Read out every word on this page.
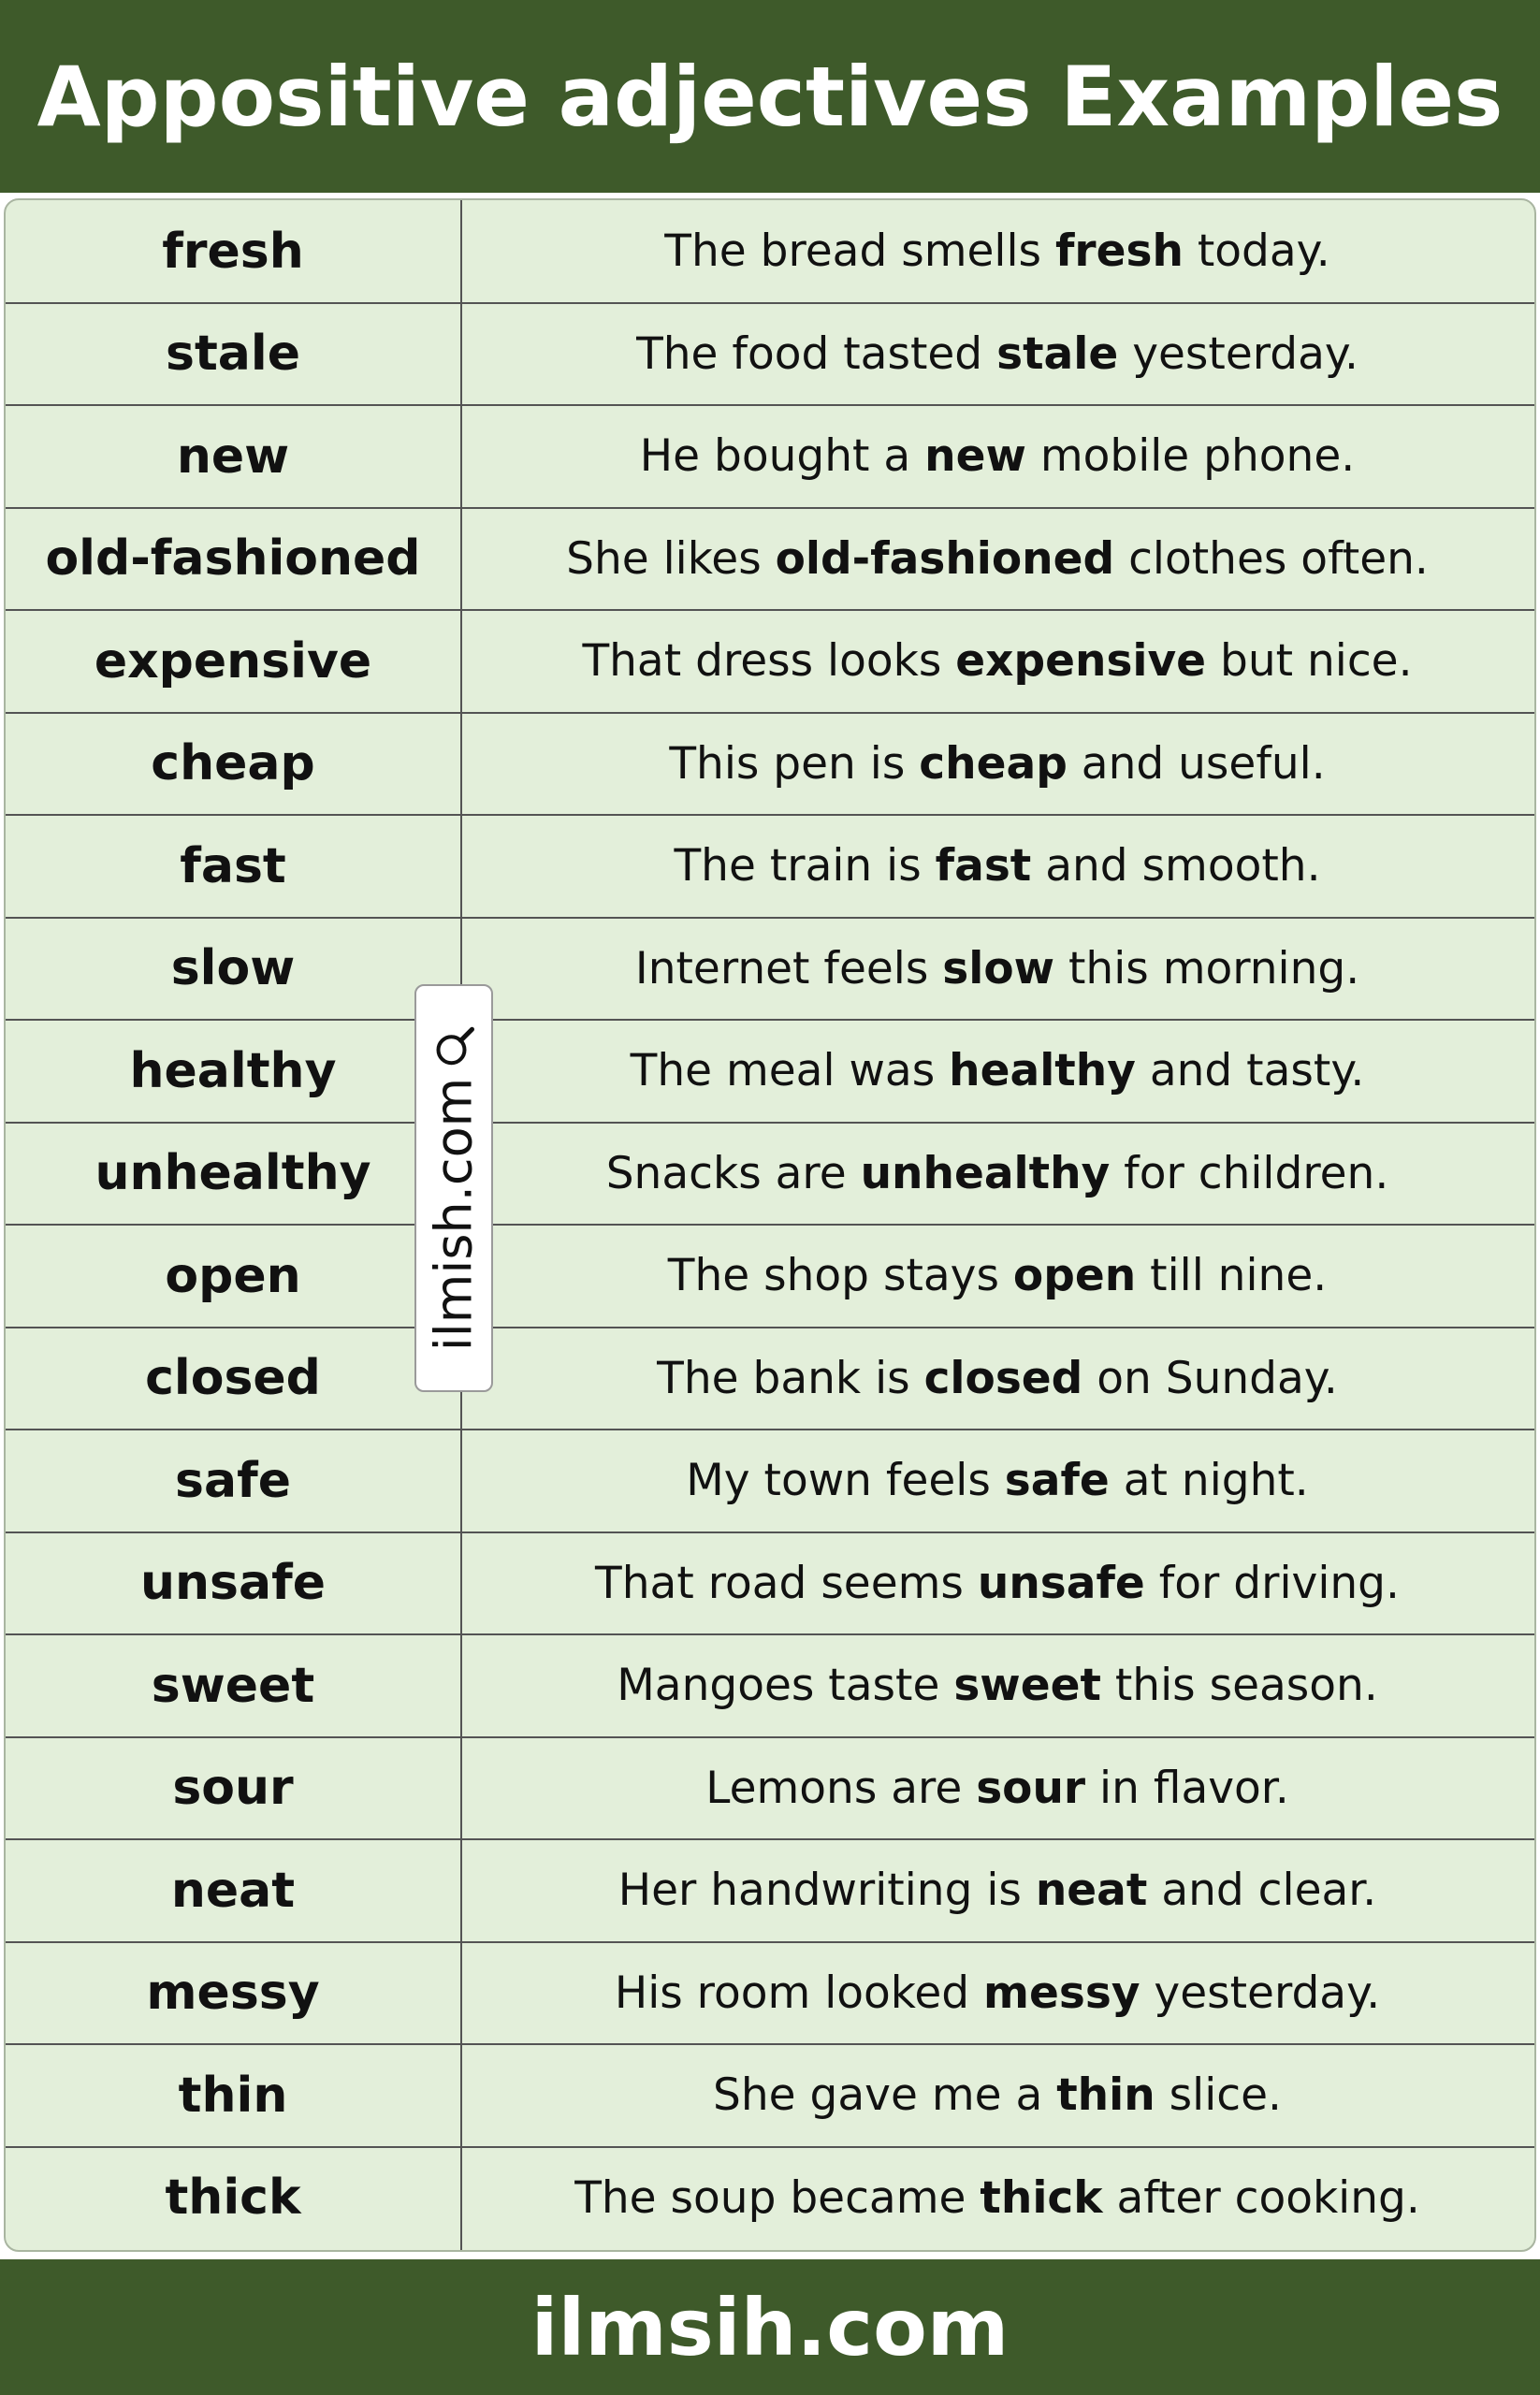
Appositive adjectives Examples
fresh	The bread smells fresh today.
stale	The food tasted stale yesterday.
new	He bought a new mobile phone.
old-fashioned	She likes old-fashioned clothes often.
expensive	That dress looks expensive but nice.
cheap	This pen is cheap and useful.
fast	The train is fast and smooth.
slow	Internet feels slow this morning.
healthy	The meal was healthy and tasty.
unhealthy	Snacks are unhealthy for children.
open	The shop stays open till nine.
closed	The bank is closed on Sunday.
safe	My town feels safe at night.
unsafe	That road seems unsafe for driving.
sweet	Mangoes taste sweet this season.
sour	Lemons are sour in flavor.
neat	Her handwriting is neat and clear.
messy	His room looked messy yesterday.
thin	She gave me a thin slice.
thick	The soup became thick after cooking.
ilmish.com
ilmsih.com
